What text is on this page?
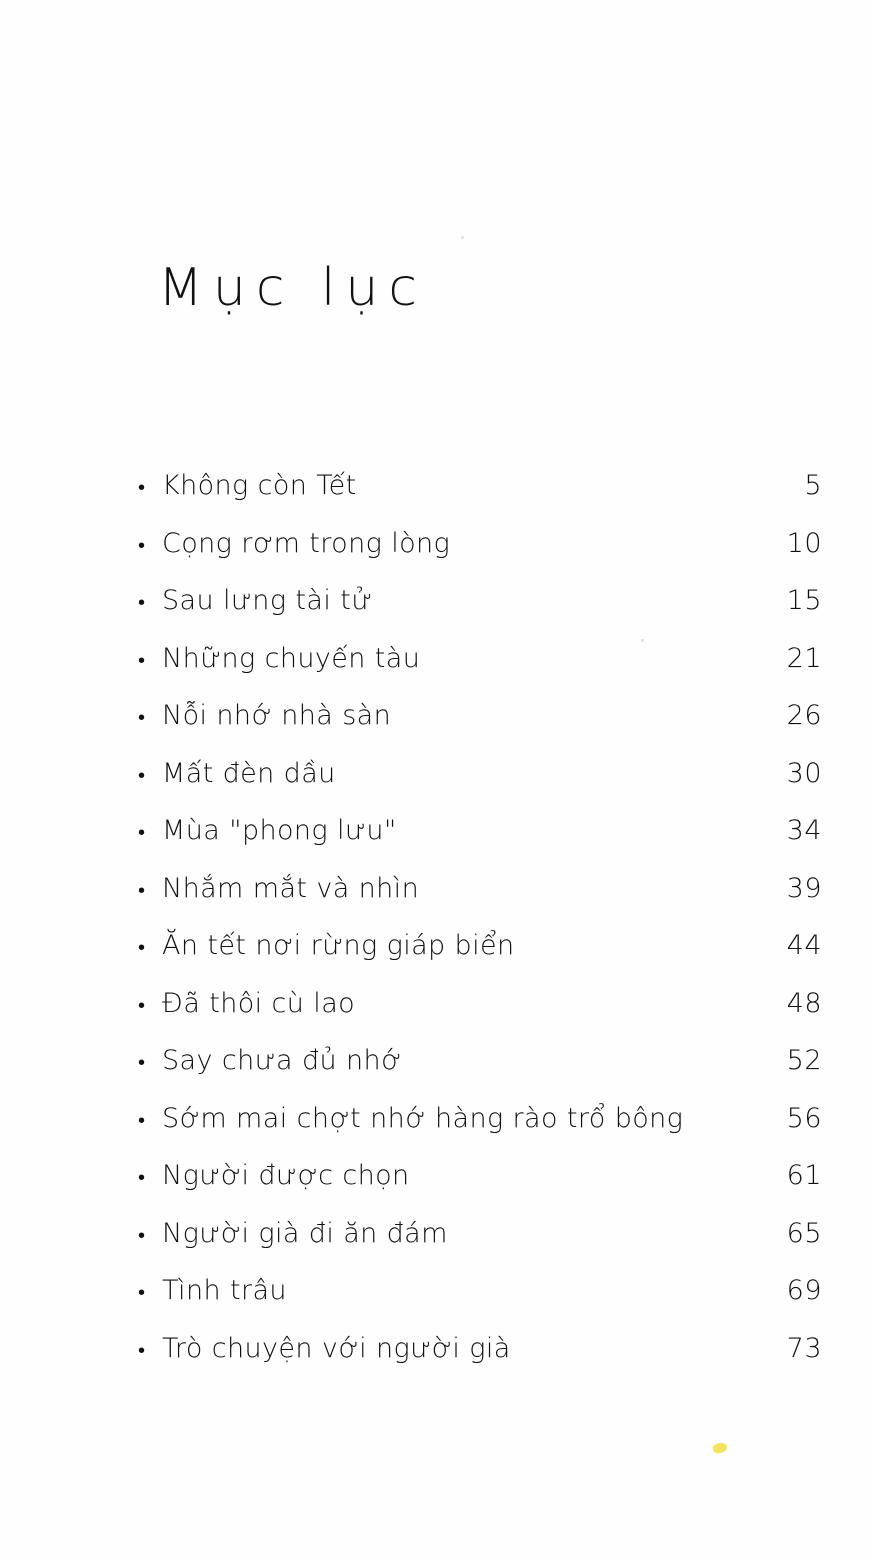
Mục lục
• Không còn Tết	5
• Cọng rơm trong lòng	10
• Sau lưng tài tử	15
• Những chuyến tàu	21
• Nỗi nhớ nhà sàn	26
• Mất đèn dầu	30
• Mùa "phong lưu"	34
• Nhắm mắt và nhìn	39
• Ăn tết nơi rừng giáp biển	44
• Đã thôi cù lao	48
• Say chưa đủ nhớ	52
• Sớm mai chợt nhớ hàng rào trổ bông	56
• Người được chọn	61
• Người già đi ăn đám	65
• Tình trâu	69
• Trò chuyện với người già	73
